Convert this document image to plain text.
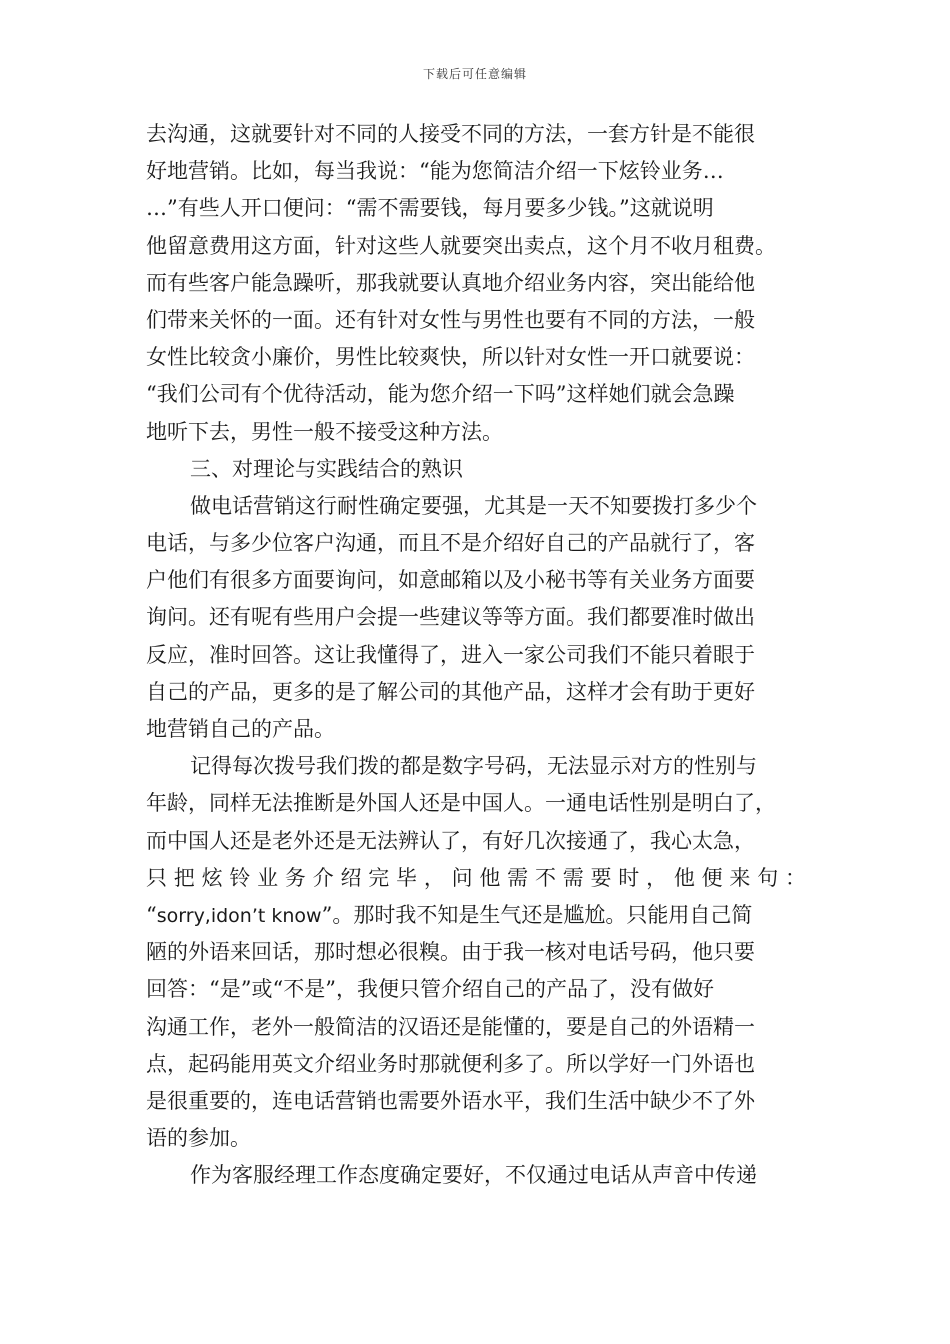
下载后可任意编辑
去沟通，这就要针对不同的人接受不同的方法，一套方针是不能很
好地营销。比如，每当我说：“能为您简洁介绍一下炫铃业务…
…”有些人开口便问：“需不需要钱，每月要多少钱。”这就说明
他留意费用这方面，针对这些人就要突出卖点，这个月不收月租费。
而有些客户能急躁听，那我就要认真地介绍业务内容，突出能给他
们带来关怀的一面。还有针对女性与男性也要有不同的方法，一般
女性比较贪小廉价，男性比较爽快，所以针对女性一开口就要说：
“我们公司有个优待活动，能为您介绍一下吗”这样她们就会急躁
地听下去，男性一般不接受这种方法。
三、对理论与实践结合的熟识
做电话营销这行耐性确定要强，尤其是一天不知要拨打多少个
电话，与多少位客户沟通，而且不是介绍好自己的产品就行了，客
户他们有很多方面要询问，如意邮箱以及小秘书等有关业务方面要
询问。还有呢有些用户会提一些建议等等方面。我们都要准时做出
反应，准时回答。这让我懂得了，进入一家公司我们不能只着眼于
自己的产品，更多的是了解公司的其他产品，这样才会有助于更好
地营销自己的产品。
记得每次拨号我们拨的都是数字号码，无法显示对方的性别与
年龄，同样无法推断是外国人还是中国人。一通电话性别是明白了，
而中国人还是老外还是无法辨认了，有好几次接通了，我心太急，
只把炫铃业务介绍完毕，问他需不需要时，他便来句：
“sorry,idon’t know”。那时我不知是生气还是尴尬。只能用自己简
陋的外语来回话，那时想必很糗。由于我一核对电话号码，他只要
回答：“是”或“不是”，我便只管介绍自己的产品了，没有做好
沟通工作，老外一般简洁的汉语还是能懂的，要是自己的外语精一
点，起码能用英文介绍业务时那就便利多了。所以学好一门外语也
是很重要的，连电话营销也需要外语水平，我们生活中缺少不了外
语的参加。
作为客服经理工作态度确定要好，不仅通过电话从声音中传递
